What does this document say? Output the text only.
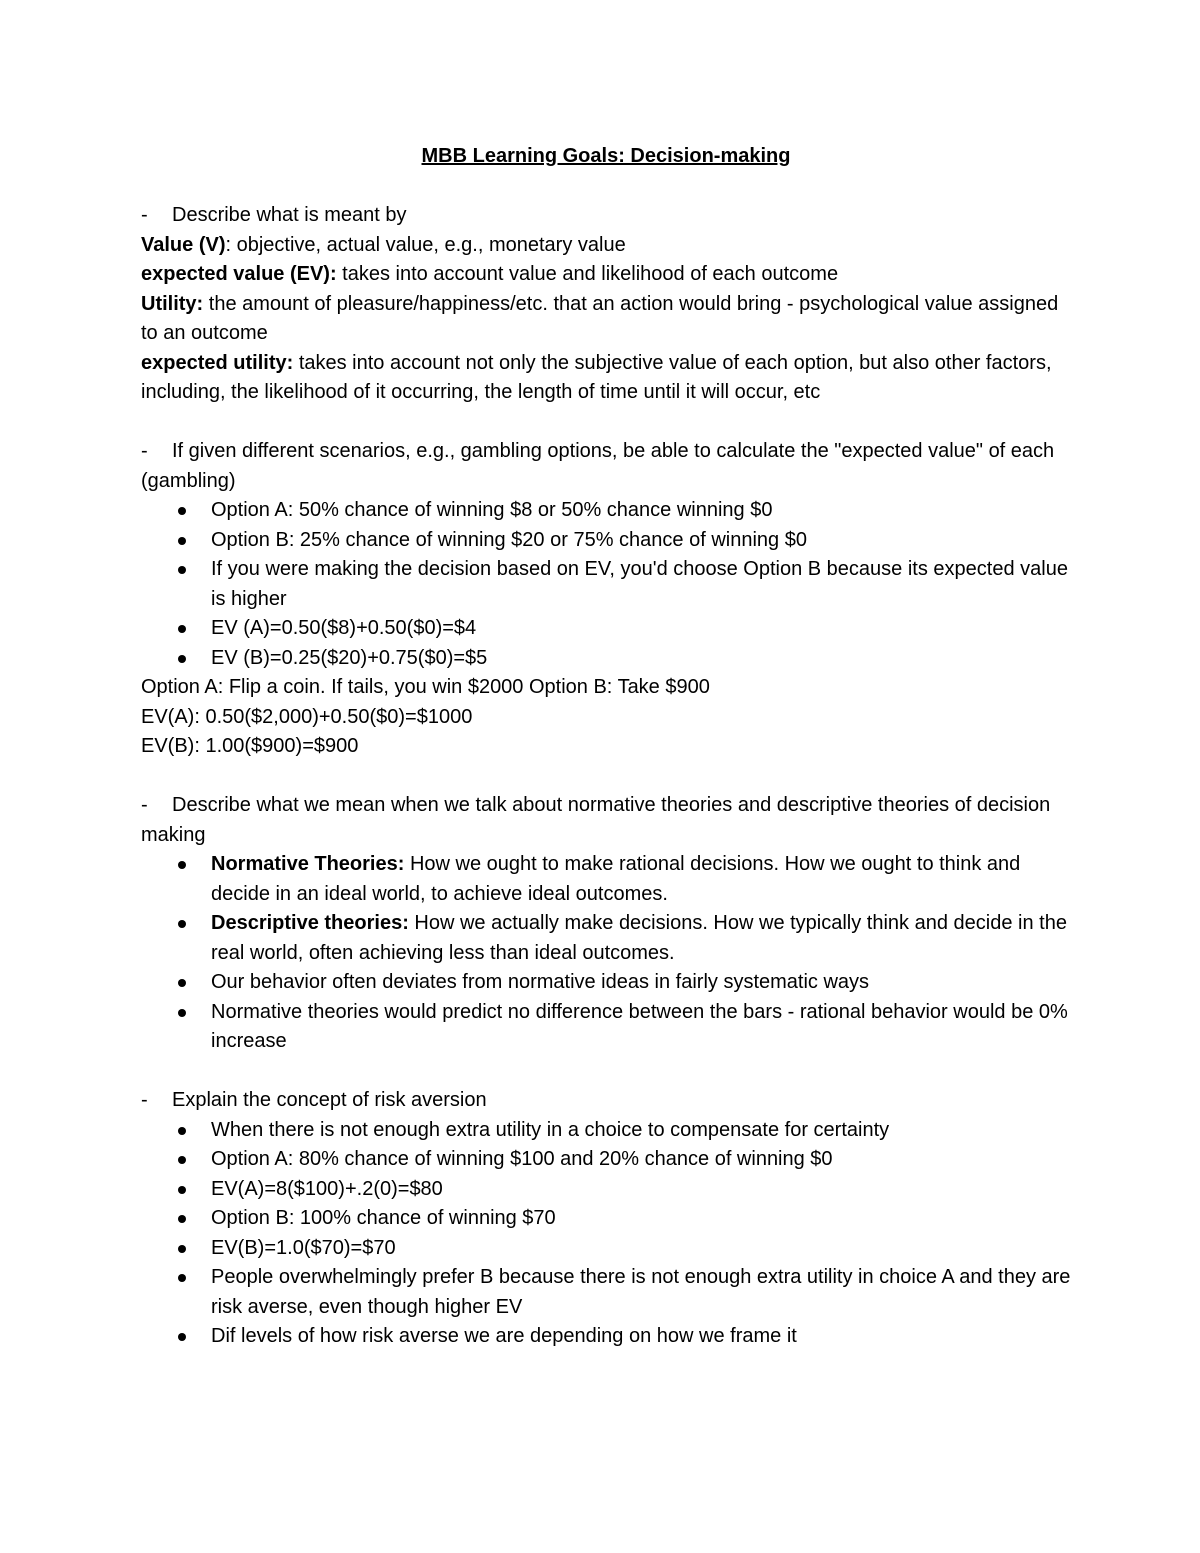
MBB Learning Goals: Decision-making
- Describe what is meant by
Value (V): objective, actual value, e.g., monetary value
expected value (EV): takes into account value and likelihood of each outcome
Utility: the amount of pleasure/happiness/etc. that an action would bring - psychological value assigned to an outcome
expected utility: takes into account not only the subjective value of each option, but also other factors, including, the likelihood of it occurring, the length of time until it will occur, etc
- If given different scenarios, e.g., gambling options, be able to calculate the "expected value" of each (gambling)
Option A: 50% chance of winning $8 or 50% chance winning $0
Option B: 25% chance of winning $20 or 75% chance of winning $0
If you were making the decision based on EV, you'd choose Option B because its expected value is higher
EV (A)=0.50($8)+0.50($0)=$4
EV (B)=0.25($20)+0.75($0)=$5
Option A: Flip a coin. If tails, you win $2000 Option B: Take $900
EV(A): 0.50($2,000)+0.50($0)=$1000
EV(B): 1.00($900)=$900
- Describe what we mean when we talk about normative theories and descriptive theories of decision making
Normative Theories: How we ought to make rational decisions. How we ought to think and decide in an ideal world, to achieve ideal outcomes.
Descriptive theories: How we actually make decisions. How we typically think and decide in the real world, often achieving less than ideal outcomes.
Our behavior often deviates from normative ideas in fairly systematic ways
Normative theories would predict no difference between the bars - rational behavior would be 0% increase
- Explain the concept of risk aversion
When there is not enough extra utility in a choice to compensate for certainty
Option A: 80% chance of winning $100 and 20% chance of winning $0
EV(A)=8($100)+.2(0)=$80
Option B: 100% chance of winning $70
EV(B)=1.0($70)=$70
People overwhelmingly prefer B because there is not enough extra utility in choice A and they are risk averse, even though higher EV
Dif levels of how risk averse we are depending on how we frame it
